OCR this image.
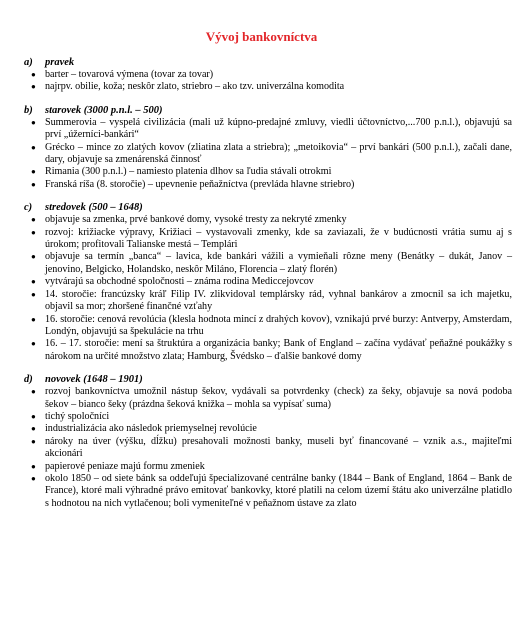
Vývoj bankovníctva
a)	pravek
● barter – tovarová výmena (tovar za tovar)
● najrpv. obilie, koža; neskôr zlato, striebro – ako tzv. univerzálna komodita
b)	starovek (3000 p.n.l. – 500)
● Summerovia – vyspelá civilizácia (mali už kúpno-predajné zmluvy, viedli účtovníctvo,...700 p.n.l.), objavujú sa prví „úžerníci-bankári“
● Grécko – mince zo zlatých kovov (zliatina zlata a striebra); „metoikovia“ – prví bankári (500 p.n.l.), začali dane, dary, objavuje sa zmenárenská činnosť
● Rimania (300 p.n.l.) – namiesto platenia dlhov sa ľudia stávali otrokmi
● Franská ríša (8. storočie) – upevnenie peňažníctva (prevláda hlavne striebro)
c)	stredovek (500 – 1648)
● objavuje sa zmenka, prvé bankové domy, vysoké tresty za nekryté zmenky
● rozvoj: križiacke výpravy, Križiaci – vystavovali zmenky, kde sa zaviazali, že v budúcnosti vrátia sumu aj s úrokom; profitovali Talianske mestá – Templári
● objavuje sa termín „banca“ – lavica, kde bankári vážili a vymieňali rôzne meny (Benátky – dukát, Janov – jenovino, Belgicko, Holandsko, neskôr Miláno, Florencia – zlatý florén)
● vytvárajú sa obchodné spoločnosti – známa rodina Medicceјovcov
● 14. storočie: francúzsky kráľ Filip IV. zlikvidoval templársky rád, vyhnal bankárov a zmocnil sa ich majetku, objavil sa mor; zhoršené finančné vzťahy
● 16. storočie: cenová revolúcia (klesla hodnota mincí z drahých kovov), vznikajú prvé burzy: Antverpy, Amsterdam, Londýn, objavujú sa špekulácie na trhu
● 16. – 17. storočie: mení sa štruktúra a organizácia banky; Bank of England – začína vydávať peňažné poukážky s nárokom na určité množstvo zlata; Hamburg, Švédsko – ďalšie bankové domy
d)	novovek (1648 – 1901)
● rozvoj bankovníctva umožnil nástup šekov, vydávali sa potvrdenky (check) za šeky, objavuje sa nová podoba šekov – bianco šeky (prázdna šeková knižka – mohla sa vypísať suma)
● tichý spoločníci
● industrializácia ako následok priemyselnej revolúcie
● nároky na úver (výšku, dĺžku) presahovali možnosti banky, museli byť financované – vznik a.s., majiteľmi akcionári
● papierové peniaze majú formu zmeniek
● okolo 1850 – od siete bánk sa oddeľujú špecializované centrálne banky (1844 – Bank of England, 1864 – Bank de France), ktoré mali výhradné právo emitovať bankovky, ktoré platili na celom území štátu ako univerzálne platidlo s hodnotou na nich vytlačenou; boli vymeniteľné v peňažnom ústave za zlato
